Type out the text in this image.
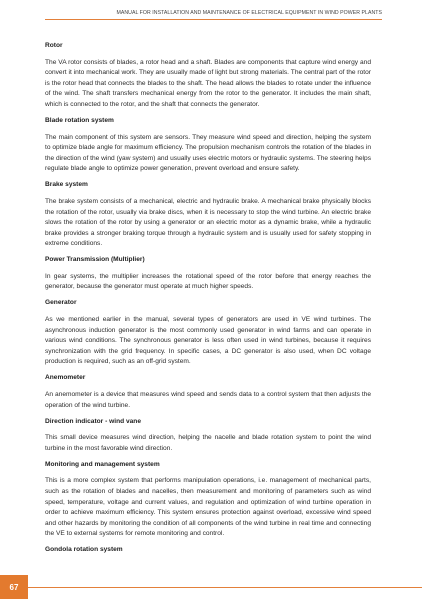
MANUAL FOR INSTALLATION AND MAINTENANCE OF ELECTRICAL EQUIPMENT IN WIND POWER PLANTS
Rotor

The VA rotor consists of blades, a rotor head and a shaft. Blades are components that capture wind energy and convert it into mechanical work. They are usually made of light but strong materials. The central part of the rotor is the rotor head that connects the blades to the shaft. The head allows the blades to rotate under the influence of the wind. The shaft transfers mechanical energy from the rotor to the generator. It includes the main shaft, which is connected to the rotor, and the shaft that connects the generator.

Blade rotation system

The main component of this system are sensors. They measure wind speed and direction, helping the system to optimize blade angle for maximum efficiency. The propulsion mechanism controls the rotation of the blades in the direction of the wind (yaw system) and usually uses electric motors or hydraulic systems. The steering helps regulate blade angle to optimize power generation, prevent overload and ensure safety.

Brake system

The brake system consists of a mechanical, electric and hydraulic brake. A mechanical brake physically blocks the rotation of the rotor, usually via brake discs, when it is necessary to stop the wind turbine. An electric brake slows the rotation of the rotor by using a generator or an electric motor as a dynamic brake, while a hydraulic brake provides a stronger braking torque through a hydraulic system and is usually used for safety stopping in extreme conditions.

Power Transmission (Multiplier)

In gear systems, the multiplier increases the rotational speed of the rotor before that energy reaches the generator, because the generator must operate at much higher speeds.

Generator

As we mentioned earlier in the manual, several types of generators are used in VE wind turbines. The asynchronous induction generator is the most commonly used generator in wind farms and can operate in various wind conditions. The synchronous generator is less often used in wind turbines, because it requires synchronization with the grid frequency. In specific cases, a DC generator is also used, when DC voltage production is required, such as an off-grid system.

Anemometer

An anemometer is a device that measures wind speed and sends data to a control system that then adjusts the operation of the wind turbine.

Direction indicator - wind vane

This small device measures wind direction, helping the nacelle and blade rotation system to point the wind turbine in the most favorable wind direction.

Monitoring and management system

This is a more complex system that performs manipulation operations, i.e. management of mechanical parts, such as the rotation of blades and nacelles, then measurement and monitoring of parameters such as wind speed, temperature, voltage and current values, and regulation and optimization of wind turbine operation in order to achieve maximum efficiency. This system ensures protection against overload, excessive wind speed and other hazards by monitoring the condition of all components of the wind turbine in real time and connecting the VE to external systems for remote monitoring and control.

Gondola rotation system
67
